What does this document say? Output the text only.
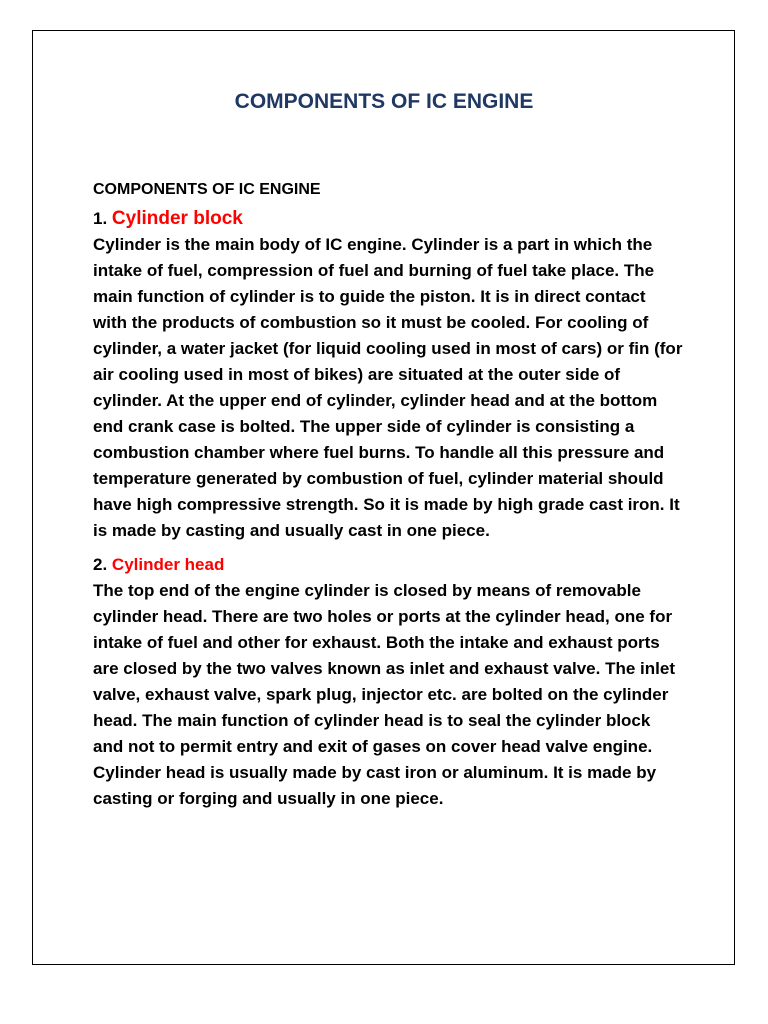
COMPONENTS OF IC ENGINE

COMPONENTS OF IC ENGINE

1. Cylinder block

Cylinder is the main body of IC engine. Cylinder is a part in which the intake of fuel, compression of fuel and burning of fuel take place. The main function of cylinder is to guide the piston. It is in direct contact with the products of combustion so it must be cooled. For cooling of cylinder, a water jacket (for liquid cooling used in most of cars) or fin (for air cooling used in most of bikes) are situated at the outer side of cylinder. At the upper end of cylinder, cylinder head and at the bottom end crank case is bolted. The upper side of cylinder is consisting a combustion chamber where fuel burns. To handle all this pressure and temperature generated by combustion of fuel, cylinder material should have high compressive strength. So it is made by high grade cast iron. It is made by casting and usually cast in one piece.

2. Cylinder head

The top end of the engine cylinder is closed by means of removable cylinder head. There are two holes or ports at the cylinder head, one for intake of fuel and other for exhaust. Both the intake and exhaust ports are closed by the two valves known as inlet and exhaust valve. The inlet valve, exhaust valve, spark plug, injector etc. are bolted on the cylinder head. The main function of cylinder head is to seal the cylinder block and not to permit entry and exit of gases on cover head valve engine. Cylinder head is usually made by cast iron or aluminum. It is made by casting or forging and usually in one piece.
